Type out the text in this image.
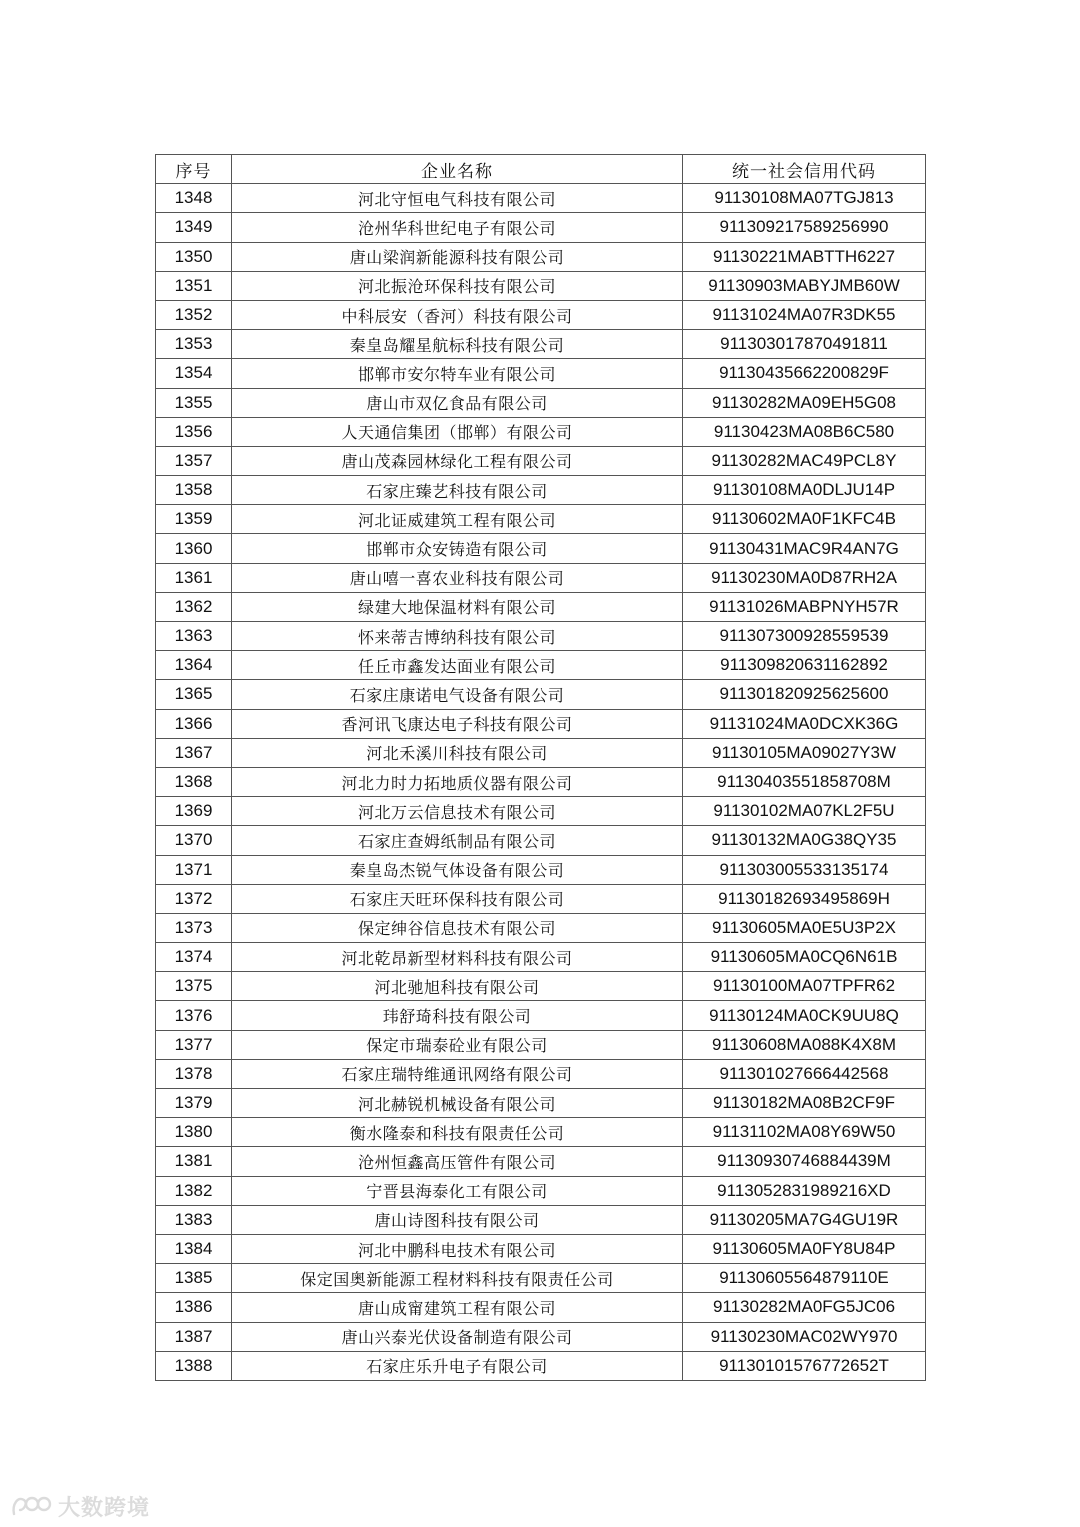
序号	企业名称	统一社会信用代码
1348	河北守恒电气科技有限公司	91130108MA07TGJ813
1349	沧州华科世纪电子有限公司	911309217589256990
1350	唐山梁润新能源科技有限公司	91130221MABTTH6227
1351	河北振沧环保科技有限公司	91130903MABYJMB60W
1352	中科辰安（香河）科技有限公司	91131024MA07R3DK55
1353	秦皇岛耀星航标科技有限公司	911303017870491811
1354	邯郸市安尔特车业有限公司	91130435662200829F
1355	唐山市双亿食品有限公司	91130282MA09EH5G08
1356	人天通信集团（邯郸）有限公司	91130423MA08B6C580
1357	唐山茂森园林绿化工程有限公司	91130282MAC49PCL8Y
1358	石家庄臻艺科技有限公司	91130108MA0DLJU14P
1359	河北证威建筑工程有限公司	91130602MA0F1KFC4B
1360	邯郸市众安铸造有限公司	91130431MAC9R4AN7G
1361	唐山嘻一喜农业科技有限公司	91130230MA0D87RH2A
1362	绿建大地保温材料有限公司	91131026MABPNYH57R
1363	怀来蒂吉博纳科技有限公司	911307300928559539
1364	任丘市鑫发达面业有限公司	911309820631162892
1365	石家庄康诺电气设备有限公司	911301820925625600
1366	香河讯飞康达电子科技有限公司	91131024MA0DCXK36G
1367	河北禾溪川科技有限公司	91130105MA09027Y3W
1368	河北力时力拓地质仪器有限公司	9113040355185870​8M
1369	河北万云信息技术有限公司	91130102MA07KL2F5U
1370	石家庄查姆纸制品有限公司	91130132MA0G38QY35
1371	秦皇岛杰锐气体设备有限公司	911303005533135174
1372	石家庄天旺环保科技有限公司	91130182693495869H
1373	保定绅谷信息技术有限公司	91130605MA0E5U3P2X
1374	河北乾昂新型材料科技有限公司	91130605MA0CQ6N61B
1375	河北驰旭科技有限公司	91130100MA07TPFR62
1376	玮舒琦科技有限公司	91130124MA0CK9UU8Q
1377	保定市瑞泰砼业有限公司	91130608MA088K4X8M
1378	石家庄瑞特维通讯网络有限公司	911301027666442568
1379	河北赫锐机械设备有限公司	91130182MA08B2CF9F
1380	衡水隆泰和科技有限责任公司	91131102MA08Y69W50
1381	沧州恒鑫高压管件有限公司	91130930746884439M
1382	宁晋县海泰化工有限公司	911305283198921​6XD
1383	唐山诗图科技有限公司	91130205MA7G4GU19R
1384	河北中鹏科电技术有限公司	91130605MA0FY8U84P
1385	保定国奥新能源工程材料科技有限责任公司	91130605564879110E
1386	唐山成甯建筑工程有限公司	91130282MA0FG5JC06
1387	唐山兴泰光伏设备制造有限公司	91130230MAC02WY970
1388	石家庄乐升电子有限公司	91130101576772652T
大数跨境
